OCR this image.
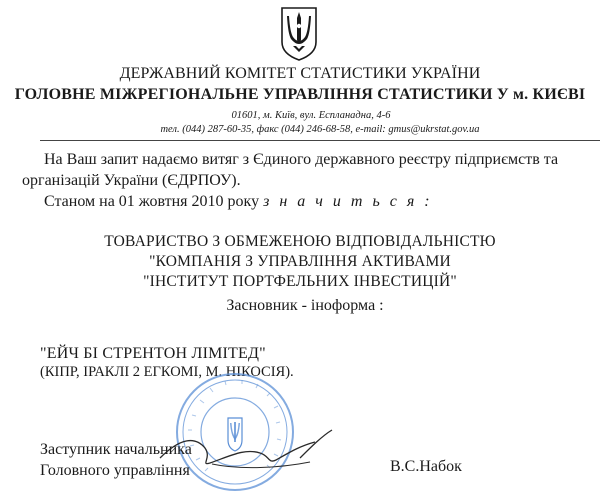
ДЕРЖАВНИЙ КОМІТЕТ СТАТИСТИКИ УКРАЇНИ
ГОЛОВНЕ МІЖРЕГІОНАЛЬНЕ УПРАВЛІННЯ СТАТИСТИКИ У м. КИЄВІ
01601, м. Київ, вул. Еспланадна, 4-6
тел. (044) 287-60-35, факс (044) 246-68-58, e-mail: gmus@ukrstat.gov.ua
На Ваш запит надаємо витяг з Єдиного державного реєстру підприємств та
організацій України (ЄДРПОУ).
Станом на 01 жовтня 2010 року з н а ч и т ь с я :
ТОВАРИСТВО З ОБМЕЖЕНОЮ ВІДПОВІДАЛЬНІСТЮ
"КОМПАНІЯ З УПРАВЛІННЯ АКТИВАМИ
"ІНСТИТУТ ПОРТФЕЛЬНИХ ІНВЕСТИЦІЙ"
Засновник - іноформа :
"ЕЙЧ БІ СТРЕНТОН ЛІМІТЕД"
(КІПР, ІРАКЛІ 2 ЕГКОМІ, М. НІКОСІЯ).
Заступник начальника
Головного управління	В.С.Набок
